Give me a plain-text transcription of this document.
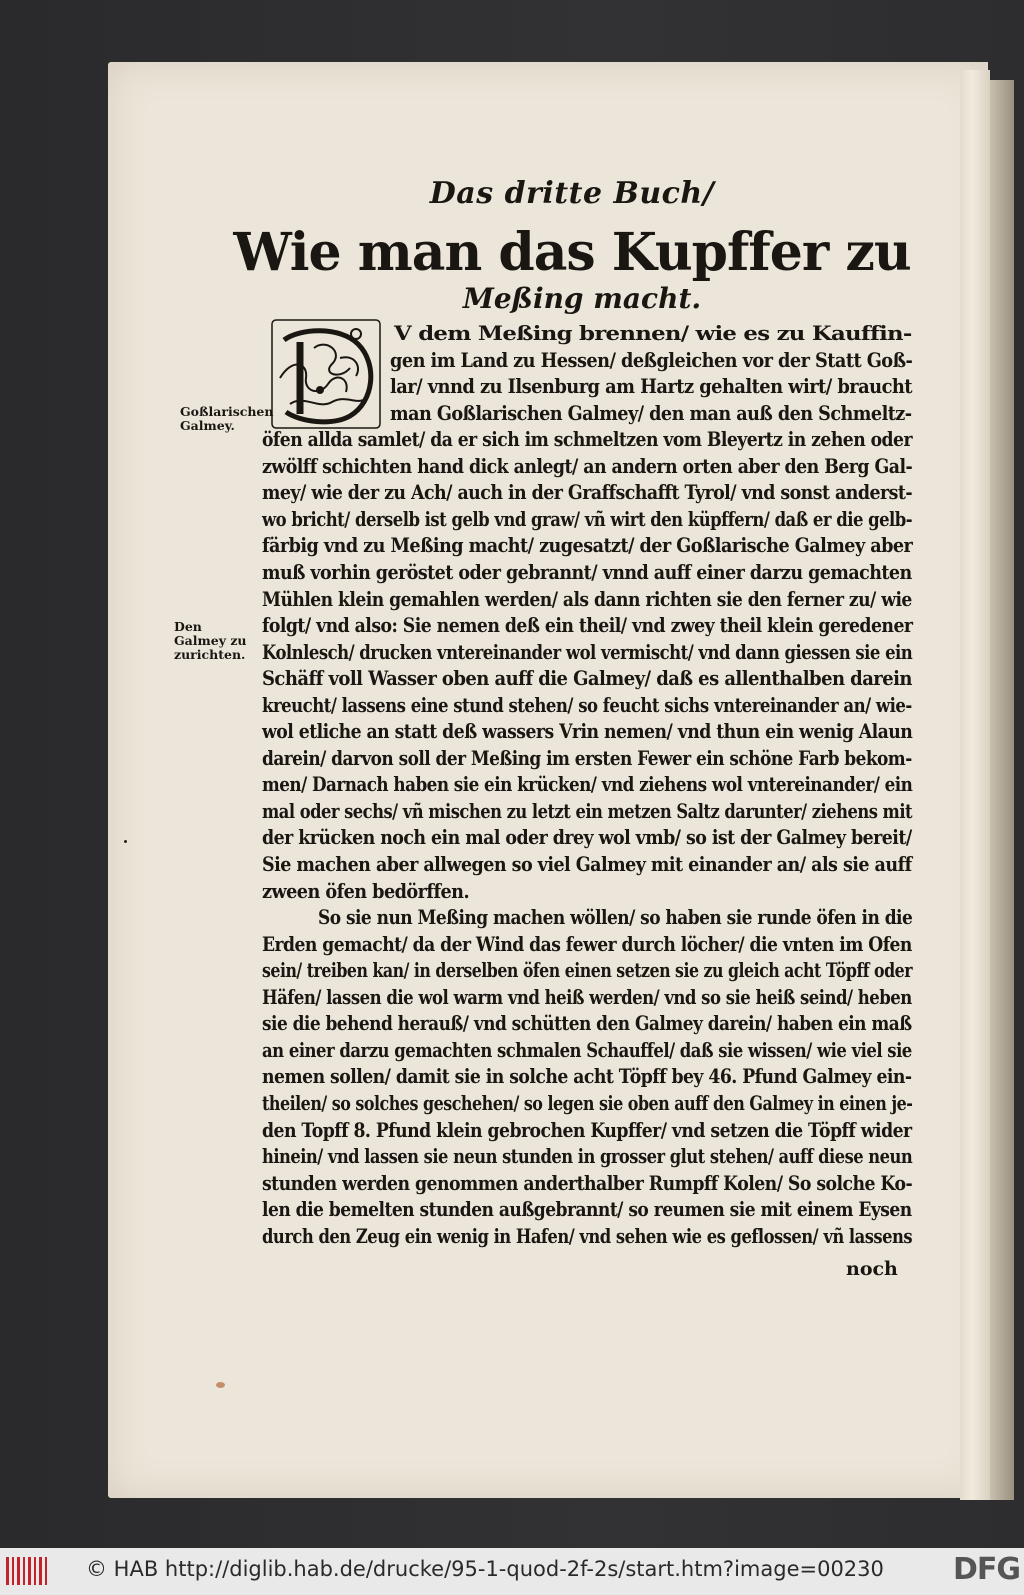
Das dritte Buch/
Wie man das Kupffer zu
Meßing macht.
Goßlarischen Galmey.
Den Galmey zu zurichten.
V dem Meßing brennen/ wie es zu Kauffin-
gen im Land zu Hessen/ deßgleichen vor der Statt Goß-
lar/ vnnd zu Ilsenburg am Hartz gehalten wirt/ braucht
man Goßlarischen Galmey/ den man auß den Schmeltz-
öfen allda samlet/ da er sich im schmeltzen vom Bleyertz in zehen oder
zwölff schichten hand dick anlegt/ an andern orten aber den Berg Gal-
mey/ wie der zu Ach/ auch in der Graffschafft Tyrol/ vnd sonst anderst-
wo bricht/ derselb ist gelb vnd graw/ vñ wirt den küpffern/ daß er die gelb-
färbig vnd zu Meßing macht/ zugesatzt/ der Goßlarische Galmey aber
muß vorhin geröstet oder gebrannt/ vnnd auff einer darzu gemachten
Mühlen klein gemahlen werden/ als dann richten sie den ferner zu/ wie
folgt/ vnd also: Sie nemen deß ein theil/ vnd zwey theil klein geredener
Kolnlesch/ drucken vntereinander wol vermischt/ vnd dann giessen sie ein
Schäff voll Wasser oben auff die Galmey/ daß es allenthalben darein
kreucht/ lassens eine stund stehen/ so feucht sichs vntereinander an/ wie-
wol etliche an statt deß wassers Vrin nemen/ vnd thun ein wenig Alaun
darein/ darvon soll der Meßing im ersten Fewer ein schöne Farb bekom-
men/ Darnach haben sie ein krücken/ vnd ziehens wol vntereinander/ ein
mal oder sechs/ vñ mischen zu letzt ein metzen Saltz darunter/ ziehens mit
der krücken noch ein mal oder drey wol vmb/ so ist der Galmey bereit/
Sie machen aber allwegen so viel Galmey mit einander an/ als sie auff
zween öfen bedörffen.
So sie nun Meßing machen wöllen/ so haben sie runde öfen in die
Erden gemacht/ da der Wind das fewer durch löcher/ die vnten im Ofen
sein/ treiben kan/ in derselben öfen einen setzen sie zu gleich acht Töpff oder
Häfen/ lassen die wol warm vnd heiß werden/ vnd so sie heiß seind/ heben
sie die behend herauß/ vnd schütten den Galmey darein/ haben ein maß
an einer darzu gemachten schmalen Schauffel/ daß sie wissen/ wie viel sie
nemen sollen/ damit sie in solche acht Töpff bey 46. Pfund Galmey ein-
theilen/ so solches geschehen/ so legen sie oben auff den Galmey in einen je-
den Topff 8. Pfund klein gebrochen Kupffer/ vnd setzen die Töpff wider
hinein/ vnd lassen sie neun stunden in grosser glut stehen/ auff diese neun
stunden werden genommen anderthalber Rumpff Kolen/ So solche Ko-
len die bemelten stunden außgebrannt/ so reumen sie mit einem Eysen
durch den Zeug ein wenig in Hafen/ vnd sehen wie es geflossen/ vñ lassens
noch
© HAB http://diglib.hab.de/drucke/95-1-quod-2f-2s/start.htm?image=00230 DFG
